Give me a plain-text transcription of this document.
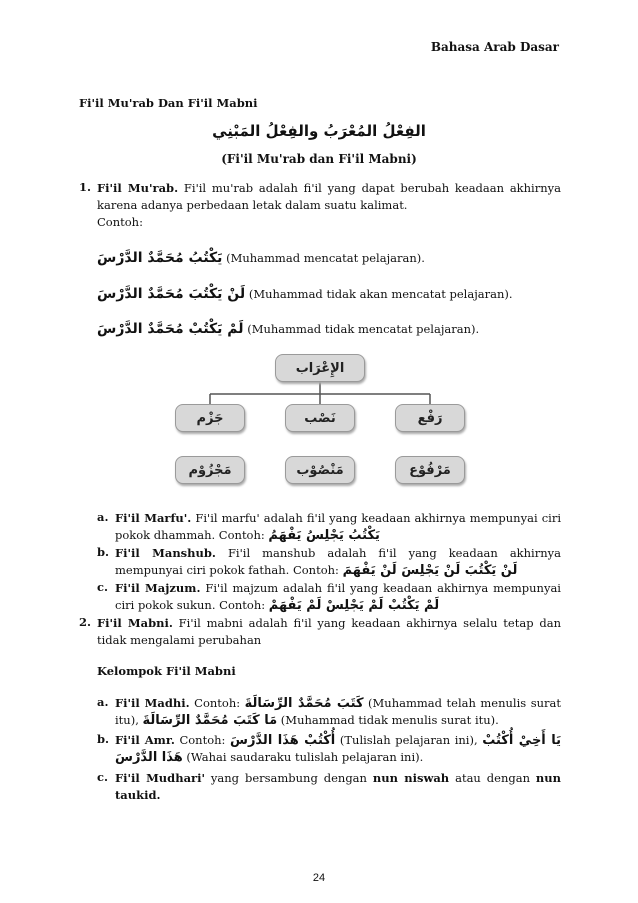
Bahasa Arab Dasar
Fi'il Mu'rab Dan Fi'il Mabni
الفِعْلُ المُعْرَبُ والفِعْلُ المَبْنِي
(Fi'il Mu'rab dan Fi'il Mabni)
1. Fi'il Mu'rab. Fi'il mu'rab adalah fi'il yang dapat berubah keadaan akhirnya karena adanya perbedaan letak dalam suatu kalimat.
Contoh:
يَكْتُبُ مُحَمَّدٌ الدَّرْسَ (Muhammad mencatat pelajaran).
لَنْ يَكْتُبَ مُحَمَّدٌ الدَّرْسَ (Muhammad tidak akan mencatat pelajaran).
لَمْ يَكْتُبْ مُحَمَّدٌ الدَّرْسَ (Muhammad tidak mencatat pelajaran).
الإِعْرَاب
رَفْع
نَصْب
جَزْم
مَرْفُوْع
مَنْصُوْب
مَجْزُوْم
a. Fi'il Marfu'. Fi'il marfu' adalah fi'il yang keadaan akhirnya mempunyai ciri pokok dhammah. Contoh: يَكْتُبُ يَجْلِسُ يَفْهَمُ
b. Fi'il Manshub. Fi'il manshub adalah fi'il yang keadaan akhirnya mempunyai ciri pokok fathah. Contoh: لَنْ يَكْتُبَ لَنْ يَجْلِسَ لَنْ يَفْهَمَ
c. Fi'il Majzum. Fi'il majzum adalah fi'il yang keadaan akhirnya mempunyai ciri pokok sukun. Contoh: لَمْ يَكْتُبْ لَمْ يَجْلِسْ لَمْ يَفْهَمْ
2. Fi'il Mabni. Fi'il mabni adalah fi'il yang keadaan akhirnya selalu tetap dan tidak mengalami perubahan
Kelompok Fi'il Mabni
a. Fi'il Madhi. Contoh: كَتَبَ مُحَمَّدٌ الرِّسَالَةَ (Muhammad telah menulis surat itu), مَا كَتَبَ مُحَمَّدٌ الرِّسَالَةَ (Muhammad tidak menulis surat itu).
b. Fi'il Amr. Contoh: أُكْتُبْ هَذَا الدَّرْسَ (Tulislah pelajaran ini), يَا أَخِيْ أُكْتُبْ هَذَا الدَّرْسَ (Wahai saudaraku tulislah pelajaran ini).
c. Fi'il Mudhari' yang bersambung dengan nun niswah atau dengan nun taukid.
24
